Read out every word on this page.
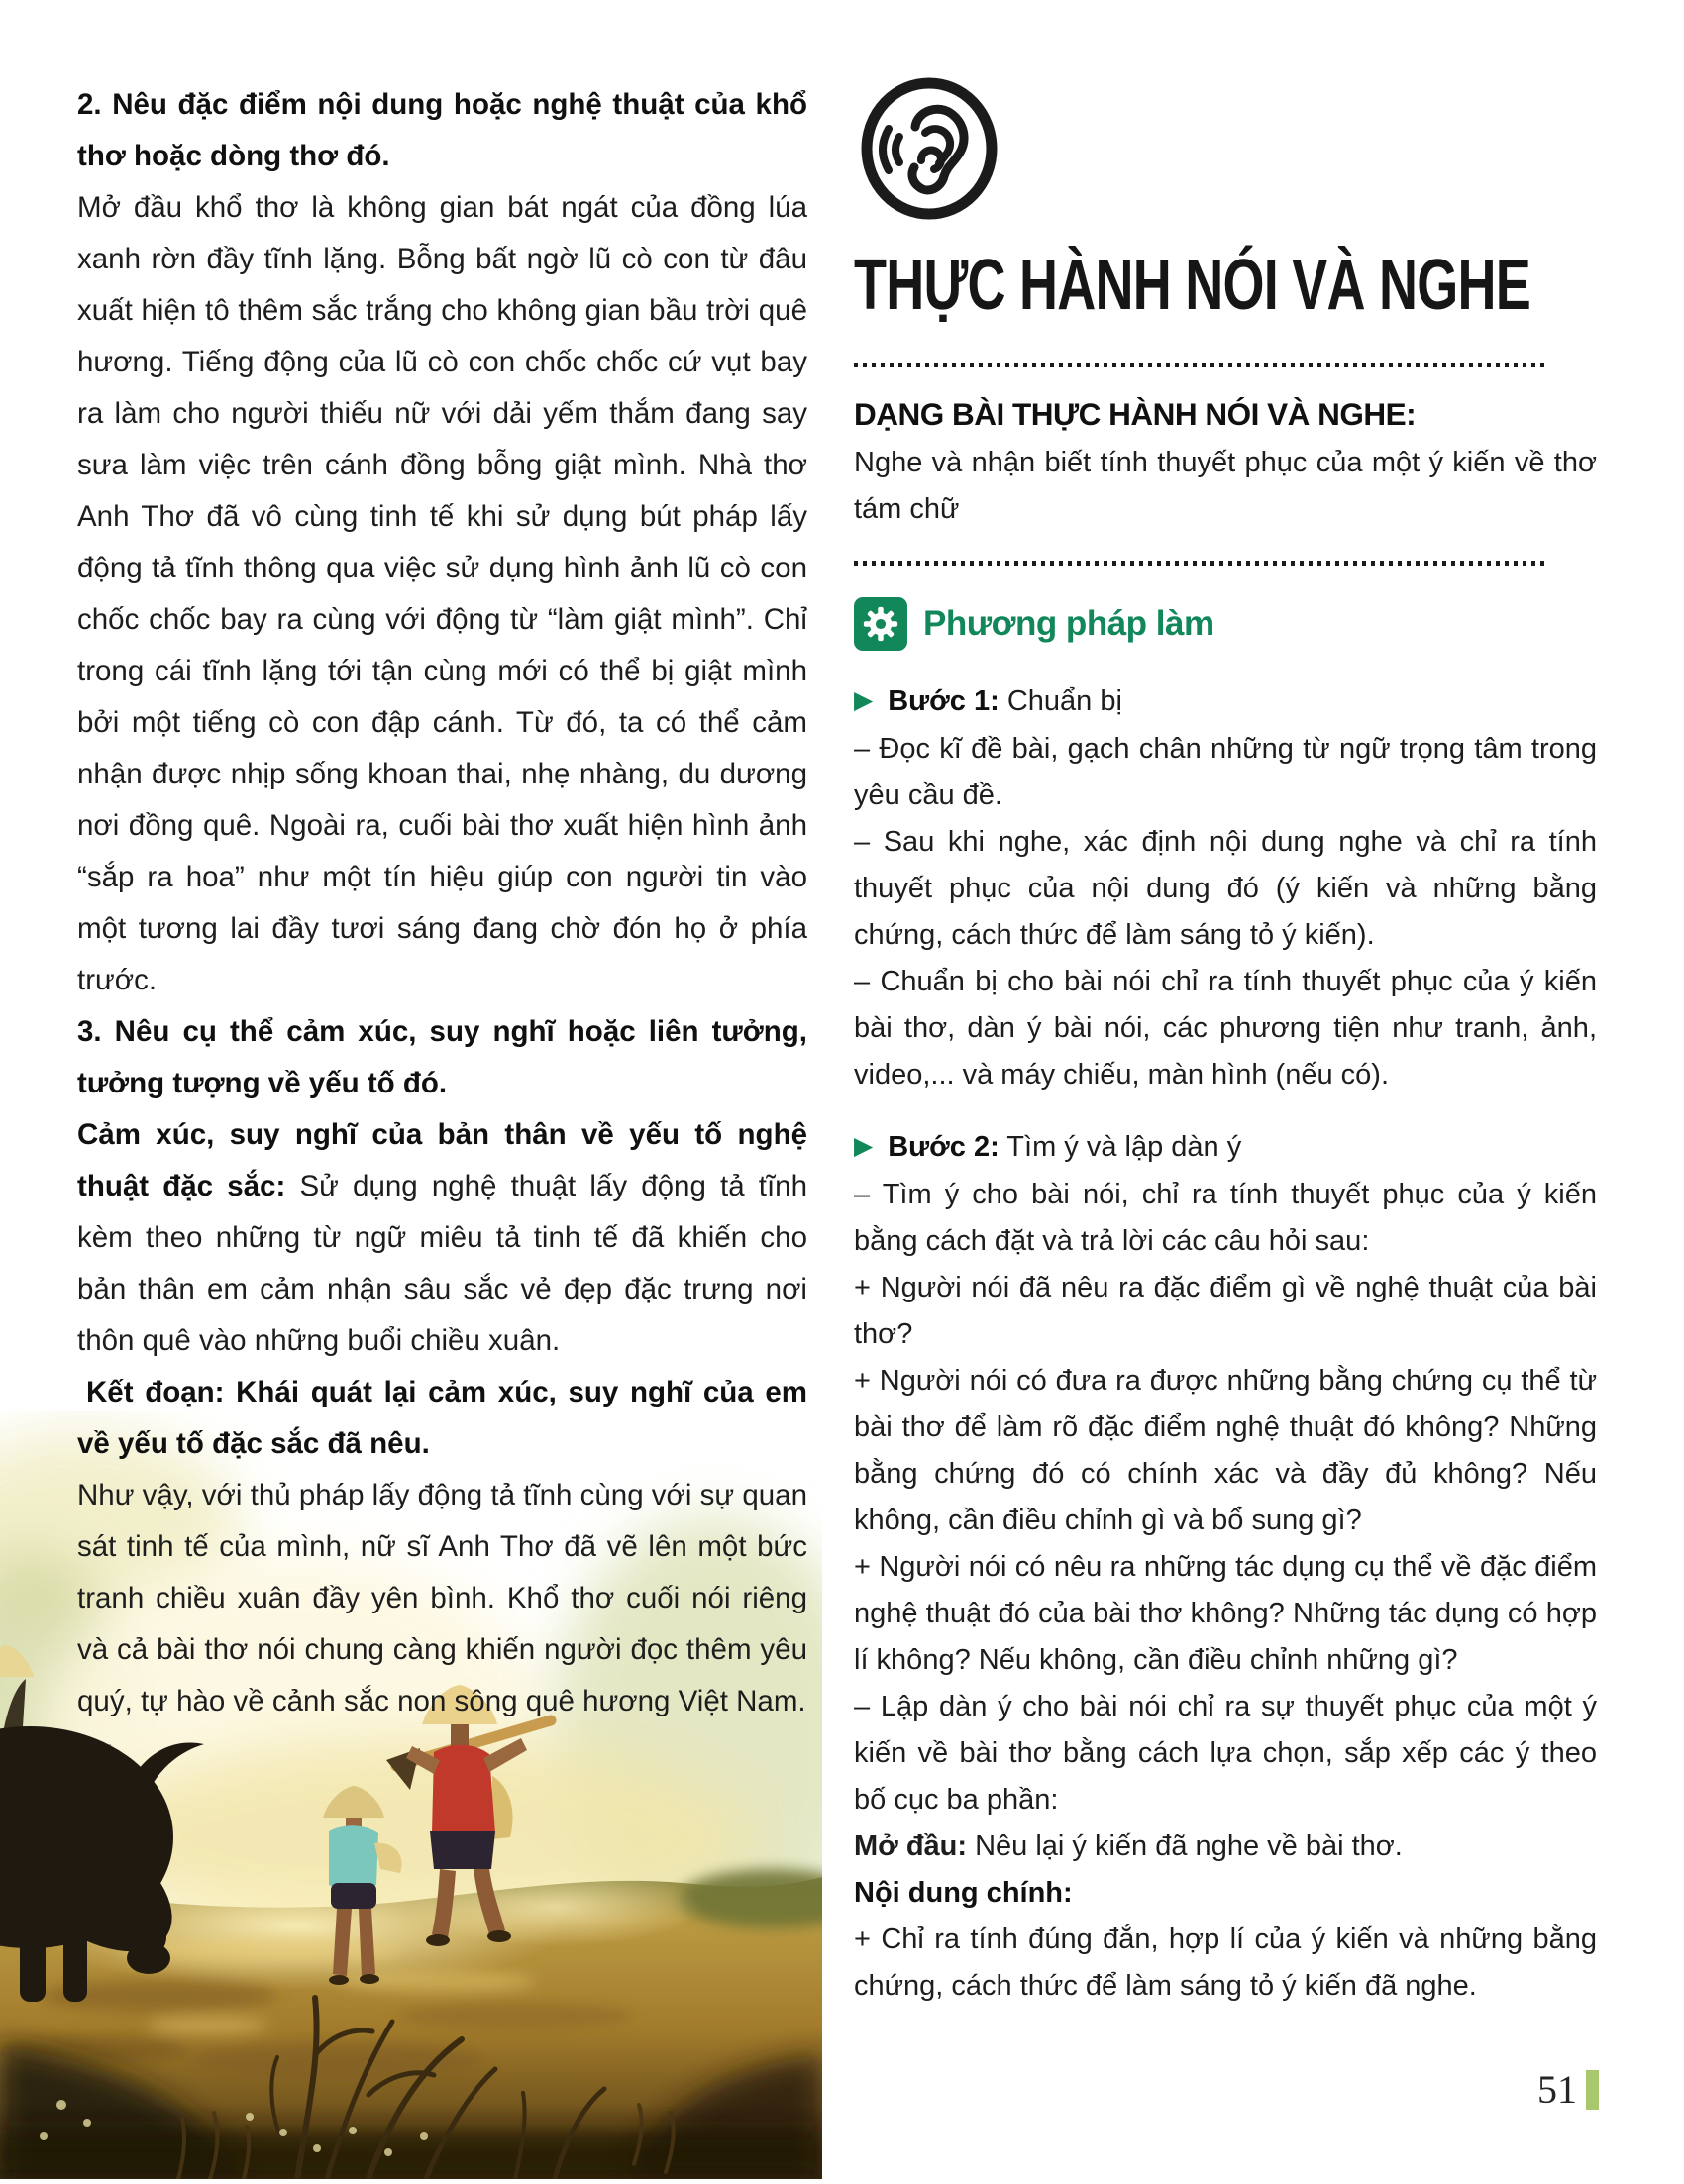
2. Nêu đặc điểm nội dung hoặc nghệ thuật của khổ thơ hoặc dòng thơ đó.

Mở đầu khổ thơ là không gian bát ngát của đồng lúa xanh rờn đầy tĩnh lặng. Bỗng bất ngờ lũ cò con từ đâu xuất hiện tô thêm sắc trắng cho không gian bầu trời quê hương. Tiếng động của lũ cò con chốc chốc cứ vụt bay ra làm cho người thiếu nữ với dải yếm thắm đang say sưa làm việc trên cánh đồng bỗng giật mình. Nhà thơ Anh Thơ đã vô cùng tinh tế khi sử dụng bút pháp lấy động tả tĩnh thông qua việc sử dụng hình ảnh lũ cò con chốc chốc bay ra cùng với động từ “làm giật mình”. Chỉ trong cái tĩnh lặng tới tận cùng mới có thể bị giật mình bởi một tiếng cò con đập cánh. Từ đó, ta có thể cảm nhận được nhịp sống khoan thai, nhẹ nhàng, du dương nơi đồng quê. Ngoài ra, cuối bài thơ xuất hiện hình ảnh “sắp ra hoa” như một tín hiệu giúp con người tin vào một tương lai đầy tươi sáng đang chờ đón họ ở phía trước.

3. Nêu cụ thể cảm xúc, suy nghĩ hoặc liên tưởng, tưởng tượng về yếu tố đó.

Cảm xúc, suy nghĩ của bản thân về yếu tố nghệ thuật đặc sắc: Sử dụng nghệ thuật lấy động tả tĩnh kèm theo những từ ngữ miêu tả tinh tế đã khiến cho bản thân em cảm nhận sâu sắc vẻ đẹp đặc trưng nơi thôn quê vào những buổi chiều xuân.

Kết đoạn: Khái quát lại cảm xúc, suy nghĩ của em về yếu tố đặc sắc đã nêu.

Như vậy, với thủ pháp lấy động tả tĩnh cùng với sự quan sát tinh tế của mình, nữ sĩ Anh Thơ đã vẽ lên một bức tranh chiều xuân đầy yên bình. Khổ thơ cuối nói riêng và cả bài thơ nói chung càng khiến người đọc thêm yêu quý, tự hào về cảnh sắc non sông quê hương Việt Nam.

THỰC HÀNH NÓI VÀ NGHE

DẠNG BÀI THỰC HÀNH NÓI VÀ NGHE:

Nghe và nhận biết tính thuyết phục của một ý kiến về thơ tám chữ

Phương pháp làm

▶ Bước 1: Chuẩn bị

– Đọc kĩ đề bài, gạch chân những từ ngữ trọng tâm trong yêu cầu đề.

– Sau khi nghe, xác định nội dung nghe và chỉ ra tính thuyết phục của nội dung đó (ý kiến và những bằng chứng, cách thức để làm sáng tỏ ý kiến).

– Chuẩn bị cho bài nói chỉ ra tính thuyết phục của ý kiến bài thơ, dàn ý bài nói, các phương tiện như tranh, ảnh, video,... và máy chiếu, màn hình (nếu có).

▶ Bước 2: Tìm ý và lập dàn ý

– Tìm ý cho bài nói, chỉ ra tính thuyết phục của ý kiến bằng cách đặt và trả lời các câu hỏi sau:

+ Người nói đã nêu ra đặc điểm gì về nghệ thuật của bài thơ?

+ Người nói có đưa ra được những bằng chứng cụ thể từ bài thơ để làm rõ đặc điểm nghệ thuật đó không? Những bằng chứng đó có chính xác và đầy đủ không? Nếu không, cần điều chỉnh gì và bổ sung gì?

+ Người nói có nêu ra những tác dụng cụ thể về đặc điểm nghệ thuật đó của bài thơ không? Những tác dụng có hợp lí không? Nếu không, cần điều chỉnh những gì?

– Lập dàn ý cho bài nói chỉ ra sự thuyết phục của một ý kiến về bài thơ bằng cách lựa chọn, sắp xếp các ý theo bố cục ba phần:

Mở đầu: Nêu lại ý kiến đã nghe về bài thơ.

Nội dung chính:

+ Chỉ ra tính đúng đắn, hợp lí của ý kiến và những bằng chứng, cách thức để làm sáng tỏ ý kiến đã nghe.

51
